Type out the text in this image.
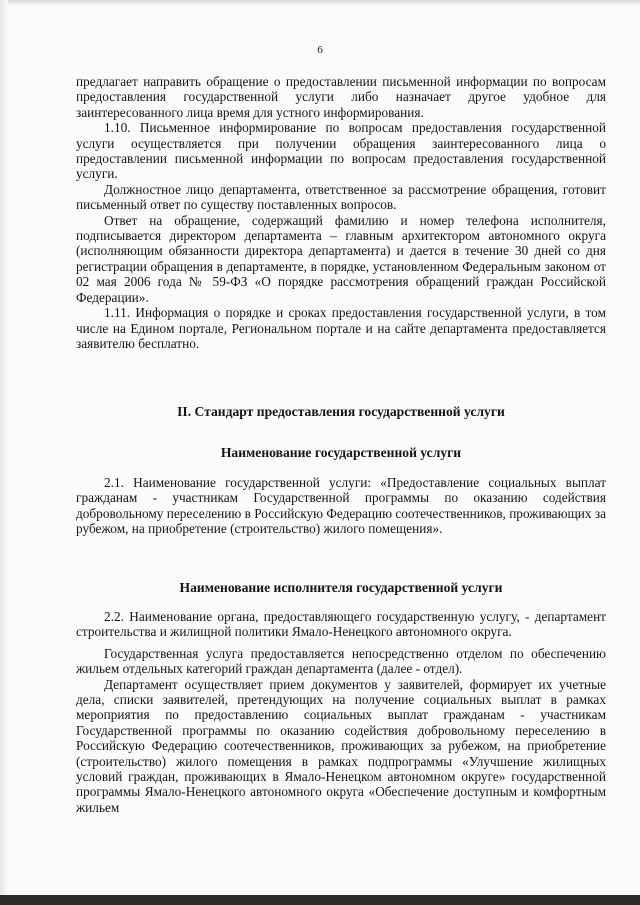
6

предлагает направить обращение о предоставлении письменной информации по вопросам предоставления государственной услуги либо назначает другое удобное для заинтересованного лица время для устного информирования.

1.10. Письменное информирование по вопросам предоставления государственной услуги осуществляется при получении обращения заинтересованного лица о предоставлении письменной информации по вопросам предоставления государственной услуги.

Должностное лицо департамента, ответственное за рассмотрение обращения, готовит письменный ответ по существу поставленных вопросов.

Ответ на обращение, содержащий фамилию и номер телефона исполнителя, подписывается директором департамента – главным архитектором автономного округа (исполняющим обязанности директора департамента) и дается в течение 30 дней со дня регистрации обращения в департаменте, в порядке, установленном Федеральным законом от 02 мая 2006 года № 59-ФЗ «О порядке рассмотрения обращений граждан Российской Федерации».

1.11. Информация о порядке и сроках предоставления государственной услуги, в том числе на Едином портале, Региональном портале и на сайте департамента предоставляется заявителю бесплатно.

II. Стандарт предоставления государственной услуги
Наименование государственной услуги

2.1. Наименование государственной услуги: «Предоставление социальных выплат гражданам - участникам Государственной программы по оказанию содействия добровольному переселению в Российскую Федерацию соотечественников, проживающих за рубежом, на приобретение (строительство) жилого помещения».

Наименование исполнителя государственной услуги

2.2. Наименование органа, предоставляющего государственную услугу, - департамент строительства и жилищной политики Ямало-Ненецкого автономного округа.

Государственная услуга предоставляется непосредственно отделом по обеспечению жильем отдельных категорий граждан департамента (далее - отдел).

Департамент осуществляет прием документов у заявителей, формирует их учетные дела, списки заявителей, претендующих на получение социальных выплат в рамках мероприятия по предоставлению социальных выплат гражданам - участникам Государственной программы по оказанию содействия добровольному переселению в Российскую Федерацию соотечественников, проживающих за рубежом, на приобретение (строительство) жилого помещения в рамках подпрограммы «Улучшение жилищных условий граждан, проживающих в Ямало-Ненецком автономном округе» государственной программы Ямало-Ненецкого автономного округа «Обеспечение доступным и комфортным жильем
